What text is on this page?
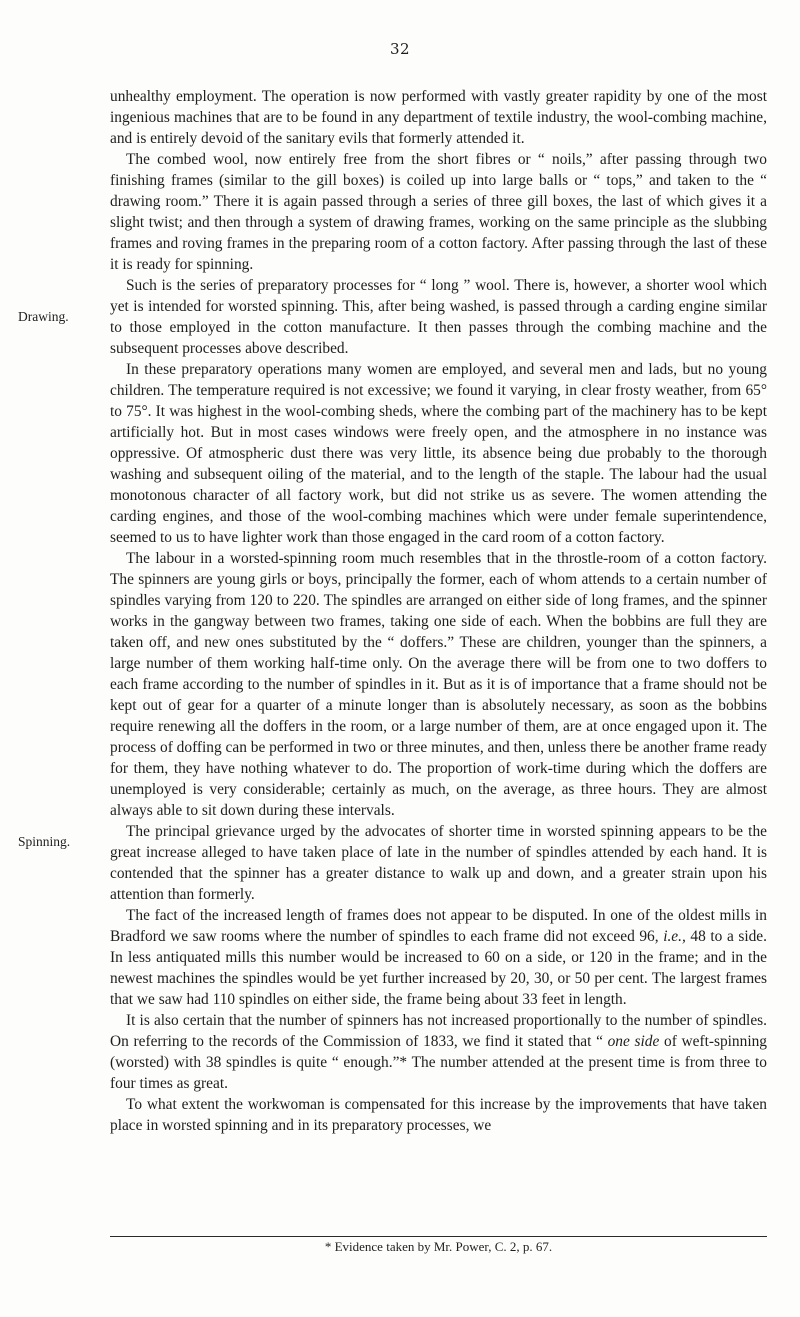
32
Drawing.
Spinning.

unhealthy employment. The operation is now performed with vastly greater rapidity by one of the most ingenious machines that are to be found in any department of textile industry, the wool-combing machine, and is entirely devoid of the sanitary evils that formerly attended it.

The combed wool, now entirely free from the short fibres or “ noils,” after passing through two finishing frames (similar to the gill boxes) is coiled up into large balls or “ tops,” and taken to the “ drawing room.” There it is again passed through a series of three gill boxes, the last of which gives it a slight twist; and then through a system of drawing frames, working on the same principle as the slubbing frames and roving frames in the preparing room of a cotton factory. After passing through the last of these it is ready for spinning.

Such is the series of preparatory processes for “ long ” wool. There is, however, a shorter wool which yet is intended for worsted spinning. This, after being washed, is passed through a carding engine similar to those employed in the cotton manufacture. It then passes through the combing machine and the subsequent processes above described.

In these preparatory operations many women are employed, and several men and lads, but no young children. The temperature required is not excessive; we found it varying, in clear frosty weather, from 65° to 75°. It was highest in the wool-combing sheds, where the combing part of the machinery has to be kept artificially hot. But in most cases windows were freely open, and the atmosphere in no instance was oppressive. Of atmospheric dust there was very little, its absence being due probably to the thorough washing and subsequent oiling of the material, and to the length of the staple. The labour had the usual monotonous character of all factory work, but did not strike us as severe. The women attending the carding engines, and those of the wool-combing machines which were under female superintendence, seemed to us to have lighter work than those engaged in the card room of a cotton factory.

The labour in a worsted-spinning room much resembles that in the throstle-room of a cotton factory. The spinners are young girls or boys, principally the former, each of whom attends to a certain number of spindles varying from 120 to 220. The spindles are arranged on either side of long frames, and the spinner works in the gangway between two frames, taking one side of each. When the bobbins are full they are taken off, and new ones substituted by the “ doffers.” These are children, younger than the spinners, a large number of them working half-time only. On the average there will be from one to two doffers to each frame according to the number of spindles in it. But as it is of importance that a frame should not be kept out of gear for a quarter of a minute longer than is absolutely necessary, as soon as the bobbins require renewing all the doffers in the room, or a large number of them, are at once engaged upon it. The process of doffing can be performed in two or three minutes, and then, unless there be another frame ready for them, they have nothing whatever to do. The proportion of work-time during which the doffers are unemployed is very considerable; certainly as much, on the average, as three hours. They are almost always able to sit down during these intervals.

The principal grievance urged by the advocates of shorter time in worsted spinning appears to be the great increase alleged to have taken place of late in the number of spindles attended by each hand. It is contended that the spinner has a greater distance to walk up and down, and a greater strain upon his attention than formerly.

The fact of the increased length of frames does not appear to be disputed. In one of the oldest mills in Bradford we saw rooms where the number of spindles to each frame did not exceed 96, i.e., 48 to a side. In less antiquated mills this number would be increased to 60 on a side, or 120 in the frame; and in the newest machines the spindles would be yet further increased by 20, 30, or 50 per cent. The largest frames that we saw had 110 spindles on either side, the frame being about 33 feet in length.

It is also certain that the number of spinners has not increased proportionally to the number of spindles. On referring to the records of the Commission of 1833, we find it stated that “ one side of weft-spinning (worsted) with 38 spindles is quite “ enough.”* The number attended at the present time is from three to four times as great.

To what extent the workwoman is compensated for this increase by the improvements that have taken place in worsted spinning and in its preparatory processes, we

* Evidence taken by Mr. Power, C. 2, p. 67.
